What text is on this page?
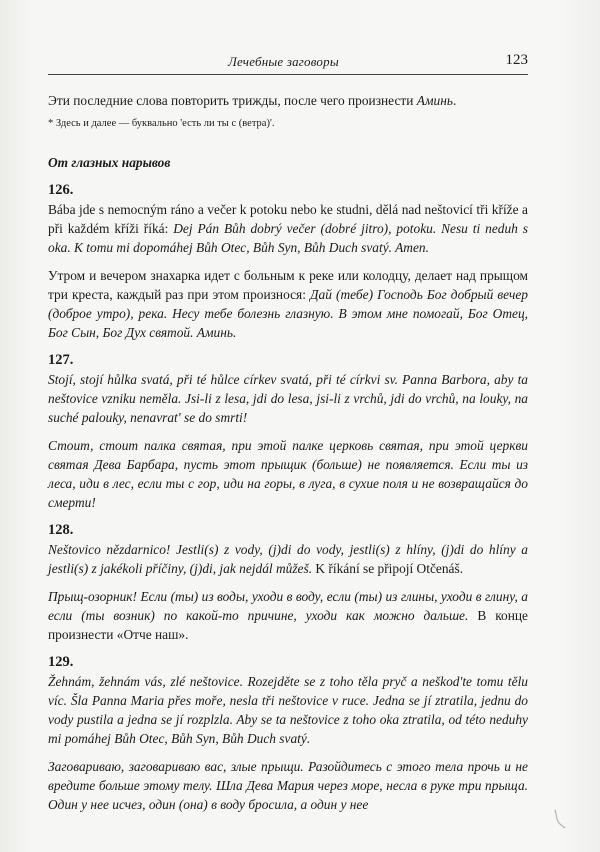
Лечебные заговоры	123

Эти последние слова повторить трижды, после чего произнести Аминь.

* Здесь и далее — буквально 'есть ли ты с (ветра)'.

От глазных нарывов

126.

Bába jde s nemocným ráno a večer k potoku nebo ke studni, dělá nad neštovicí tři kříže a při každém kříži říká: Dej Pán Bůh dobrý večer (dobré jitro), potoku. Nesu ti neduh s oka. K tomu mi dopomáhej Bůh Otec, Bůh Syn, Bůh Duch svatý. Amen.

Утром и вечером знахарка идет с больным к реке или колодцу, делает над прыщом три креста, каждый раз при этом произнося: Дай (тебе) Господь Бог добрый вечер (доброе утро), река. Несу тебе болезнь глазную. В этом мне помогай, Бог Отец, Бог Сын, Бог Дух святой. Аминь.

127.

Stojí, stojí hůlka svatá, při té hůlce církev svatá, při té církvi sv. Panna Barbora, aby ta neštovice vzniku neměla. Jsi-li z lesa, jdi do lesa, jsi-li z vrchů, jdi do vrchů, na louky, na suché palouky, nenavrat' se do smrti!

Стоит, стоит палка святая, при этой палке церковь святая, при этой церкви святая Дева Барбара, пусть этот прыщик (больше) не появляется. Если ты из леса, иди в лес, если ты с гор, иди на горы, в луга, в сухие поля и не возвращайся до смерти!

128.

Neštovico nězdarnico! Jestli(s) z vody, (j)di do vody, jestli(s) z hlíny, (j)di do hlíny a jestli(s) z jakékoli příčiny, (j)di, jak nejdál můžeš. K říkání se připojí Otčenáš.

Прыщ-озорник! Если (ты) из воды, уходи в воду, если (ты) из глины, уходи в глину, а если (ты возник) по какой-то причине, уходи как можно дальше. В конце произнести «Отче наш».

129.

Žehnám, žehnám vás, zlé neštovice. Rozejděte se z toho těla pryč a neškod'te tomu tělu víc. Šla Panna Maria přes moře, nesla tři neštovice v ruce. Jedna se jí ztratila, jednu do vody pustila a jedna se jí rozplzla. Aby se ta neštovice z toho oka ztratila, od této neduhy mi pomáhej Bůh Otec, Bůh Syn, Bůh Duch svatý.

Заговариваю, заговариваю вас, злые прыщи. Разойдитесь с этого тела прочь и не вредите больше этому телу. Шла Дева Мария через море, несла в руке три прыща. Один у нее исчез, один (она) в воду бросила, а один у нее
